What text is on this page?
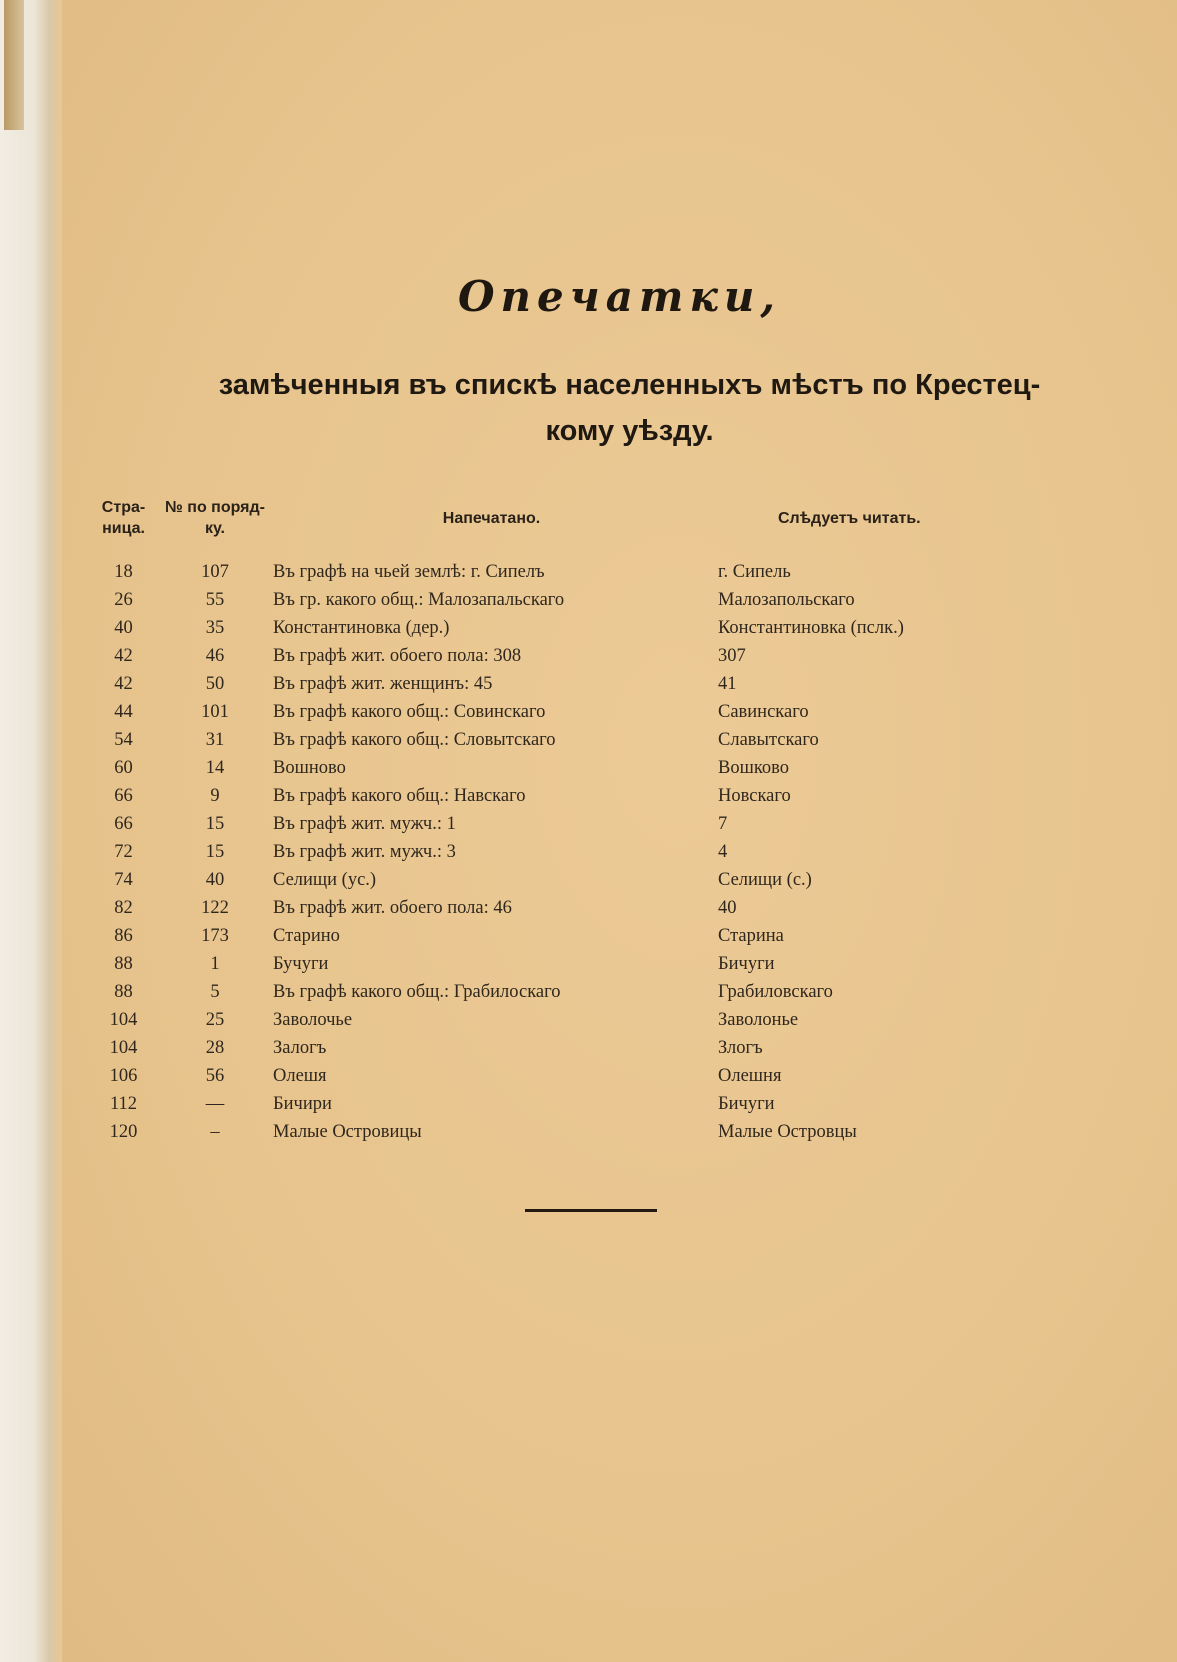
Опечатки,
замѣченныя въ спискѣ населенныхъ мѣстъ по Крестец-
кому уѣзду.
Стра- ница.	№ по поряд- ку.	Напечатано.	Слѣдуетъ читать.
18	107	Въ графѣ на чьей землѣ: г. Сипелъ	г. Сипель
26	55	Въ гр. какого общ.: Малозапальскаго	Малозапольскаго
40	35	Константиновка (дер.)	Константиновка (пслк.)
42	46	Въ графѣ жит. обоего пола: 308	307
42	50	Въ графѣ жит. женщинъ: 45	41
44	101	Въ графѣ какого общ.: Совинскаго	Савинскаго
54	31	Въ графѣ какого общ.: Словытскаго	Славытскаго
60	14	Вошново	Вошково
66	9	Въ графѣ какого общ.: Навскаго	Новскаго
66	15	Въ графѣ жит. мужч.: 1	7
72	15	Въ графѣ жит. мужч.: 3	4
74	40	Селищи (ус.)	Селищи (с.)
82	122	Въ графѣ жит. обоего пола: 46	40
86	173	Старино	Старина
88	1	Бучуги	Бичуги
88	5	Въ графѣ какого общ.: Грабилоскаго	Грабиловскаго
104	25	Заволочье	Заволонье
104	28	Залогъ	Злогъ
106	56	Олешя	Олешня
112	—	Бичири	Бичуги
120	–	Малые Островицы	Малые Островцы
